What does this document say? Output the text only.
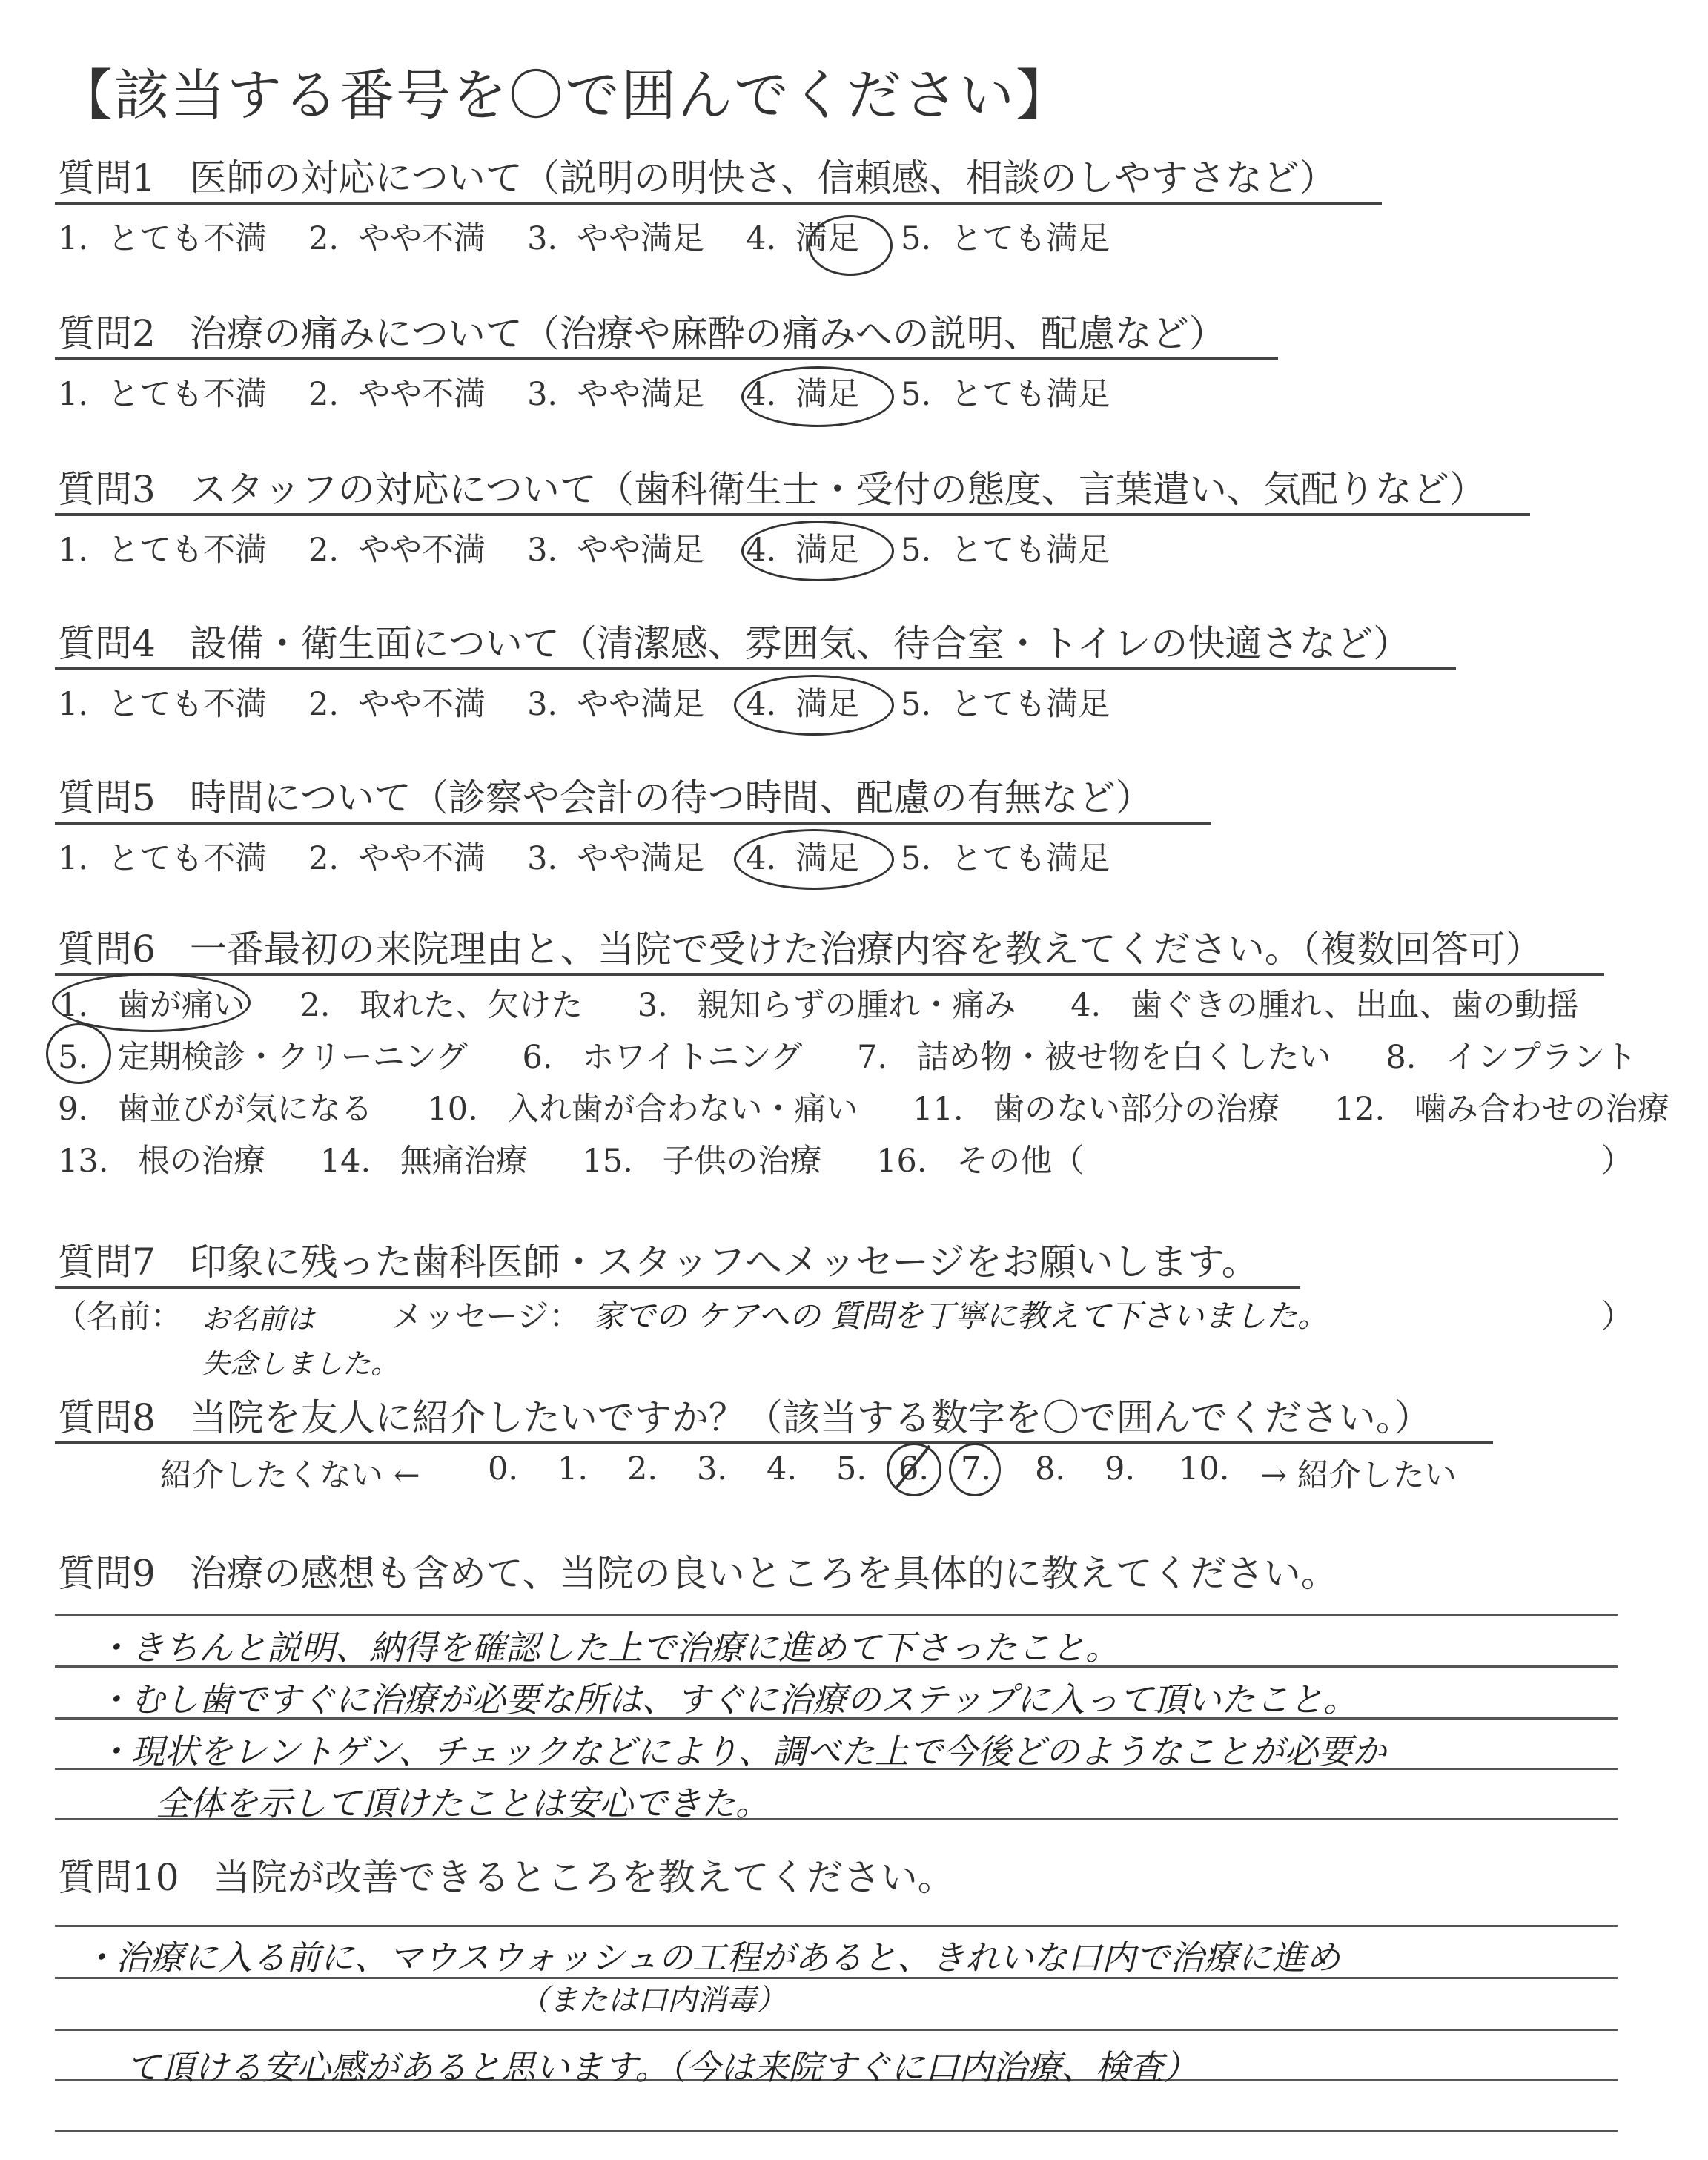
【該当する番号を〇で囲んでください】
質問1 医師の対応について（説明の明快さ、信頼感、相談のしやすさなど）
1. とても不満 2. やや不満 3. やや満足 4. 満足 5. とても満足
質問2 治療の痛みについて（治療や麻酔の痛みへの説明、配慮など）
1. とても不満 2. やや不満 3. やや満足 4. 満足 5. とても満足
質問3 スタッフの対応について（歯科衛生士・受付の態度、言葉遣い、気配りなど）
1. とても不満 2. やや不満 3. やや満足 4. 満足 5. とても満足
質問4 設備・衛生面について（清潔感、雰囲気、待合室・トイレの快適さなど）
1. とても不満 2. やや不満 3. やや満足 4. 満足 5. とても満足
質問5 時間について（診察や会計の待つ時間、配慮の有無など）
1. とても不満 2. やや不満 3. やや満足 4. 満足 5. とても満足
質問6 一番最初の来院理由と、当院で受けた治療内容を教えてください。（複数回答可）
1. 歯が痛い 2. 取れた、欠けた 3. 親知らずの腫れ・痛み 4. 歯ぐきの腫れ、出血、歯の動揺
5. 定期検診・クリーニング 6. ホワイトニング 7. 詰め物・被せ物を白くしたい 8. インプラント
9. 歯並びが気になる 10. 入れ歯が合わない・痛い 11. 歯のない部分の治療 12. 噛み合わせの治療
13. 根の治療 14. 無痛治療 15. 子供の治療 16. その他（	）
質問7 印象に残った歯科医師・スタッフへメッセージをお願いします。
（名前： お名前は
失念しました。
メッセージ： 家での ケアへの 質問を丁寧に教えて下さいました。	）
質問8 当院を友人に紹介したいですか？（該当する数字を〇で囲んでください。）
紹介したくない ← 0. 1. 2. 3. 4. 5. 6. 7. 8. 9. 10. → 紹介したい
質問9 治療の感想も含めて、当院の良いところを具体的に教えてください。
・きちんと説明、納得を確認した上で治療に進めて下さったこと。
・むし歯ですぐに治療が必要な所は、すぐに治療のステップに入って頂いたこと。
・現状をレントゲン、チェックなどにより、調べた上で今後どのようなことが必要か
全体を示して頂けたことは安心できた。
質問10 当院が改善できるところを教えてください。
・治療に入る前に、マウスウォッシュの工程があると、きれいな口内で治療に進め
（または口内消毒）
て頂ける安心感があると思います。（今は来院すぐに口内治療、検査）
